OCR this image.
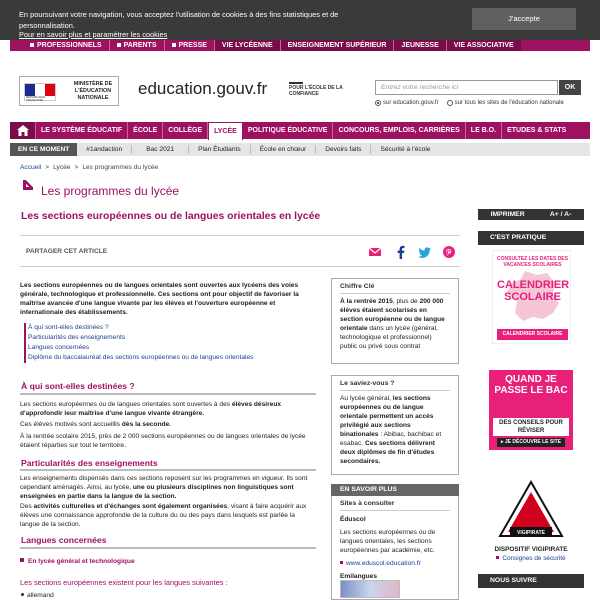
En poursuivant votre navigation, vous acceptez l'utilisation de cookies à des fins statistiques et de personnalisation.
Pour en savoir plus et paramétrer les cookies
J'accepte
PROFESSIONNELS	PARENTS	PRESSE	VIE LYCÉENNE	ENSEIGNEMENT SUPÉRIEUR	JEUNESSE	VIE ASSOCIATIVE
RÉPUBLIQUE FRANÇAISE
MINISTÈRE DE L'ÉDUCATION NATIONALE	education.gouv.fr	POUR L'ÉCOLE DE LA CONFIANCE
Entrez votre recherche ici	OK
sur education.gouv.fr	sur tous les sites de l'éducation nationale
LE SYSTÈME ÉDUCATIF	ÉCOLE	COLLÈGE	LYCÉE	POLITIQUE ÉDUCATIVE	CONCOURS, EMPLOIS, CARRIÈRES	LE B.O.	ETUDES & STATS
EN CE MOMENT	#1andaction	Bac 2021	Plan Étudiants	École en chœur	Devoirs faits	Sécurité à l'école
Accueil > Lycée > Les programmes du lycée
Les programmes du lycée
Les sections européennes ou de langues orientales en lycée
PARTAGER CET ARTICLE
Les sections européennes ou de langues orientales sont ouvertes aux lycéens des voies générale, technologique et professionnelle. Ces sections ont pour objectif de favoriser la maîtrise avancée d'une langue vivante par les élèves et l'ouverture européenne et internationale des établissements.
À qui sont-elles destinées ?
Particularités des enseignements
Langues concernées
Diplôme du baccalauréat des sections européennes ou de langues orientales
À qui sont-elles destinées ?
Les sections européennes ou de langues orientales sont ouvertes à des élèves désireux d'approfondir leur maîtrise d'une langue vivante étrangère.
Ces élèves motivés sont accueillis dès la seconde.
À la rentrée scolaire 2015, près de 2 000 sections européennes ou de langues orientales de lycée étaient réparties sur tout le territoire.
Particularités des enseignements
Les enseignements dispensés dans ces sections reposent sur les programmes en vigueur. Ils sont cependant aménagés. Ainsi, au lycée, une ou plusieurs disciplines non linguistiques sont enseignées en partie dans la langue de la section.
Des activités culturelles et d'échanges sont également organisées, visant à faire acquérir aux élèves une connaissance approfondie de la culture du ou des pays dans lesquels est parlée la langue de la section.
Langues concernées
En lycée général et technologique
Les sections européennes existent pour les langues suivantes :
allemand
Chiffre Clé
À la rentrée 2015, plus de 200 000 élèves étaient scolarisés en section européenne ou de langue orientale dans un lycée (général, technologique et professionnel) public ou privé sous contrat
Le saviez-vous ?
Au lycée général, les sections européennes ou de langue orientale permettent un accès privilégié aux sections binationales : Abibac, bachibac et esabac. Ces sections délivrent deux diplômes de fin d'études secondaires.
EN SAVOIR PLUS
Sites à consulter
Éduscol
Les sections européennes ou de langues orientales, les sections européennes par académie, etc.
www.eduscol.education.fr
Emilangues
IMPRIMER	A+ / A-
C'EST PRATIQUE
CONSULTEZ LES DATES DES VACANCES SCOLAIRES
CALENDRIER SCOLAIRE
CALENDRIER SCOLAIRE
QUAND JE PASSE LE BAC
DES CONSEILS POUR RÉVISER
▸ JE DÉCOUVRE LE SITE
VIGIPIRATE
DISPOSITIF VIGIPIRATE
Consignes de sécurité
NOUS SUIVRE
